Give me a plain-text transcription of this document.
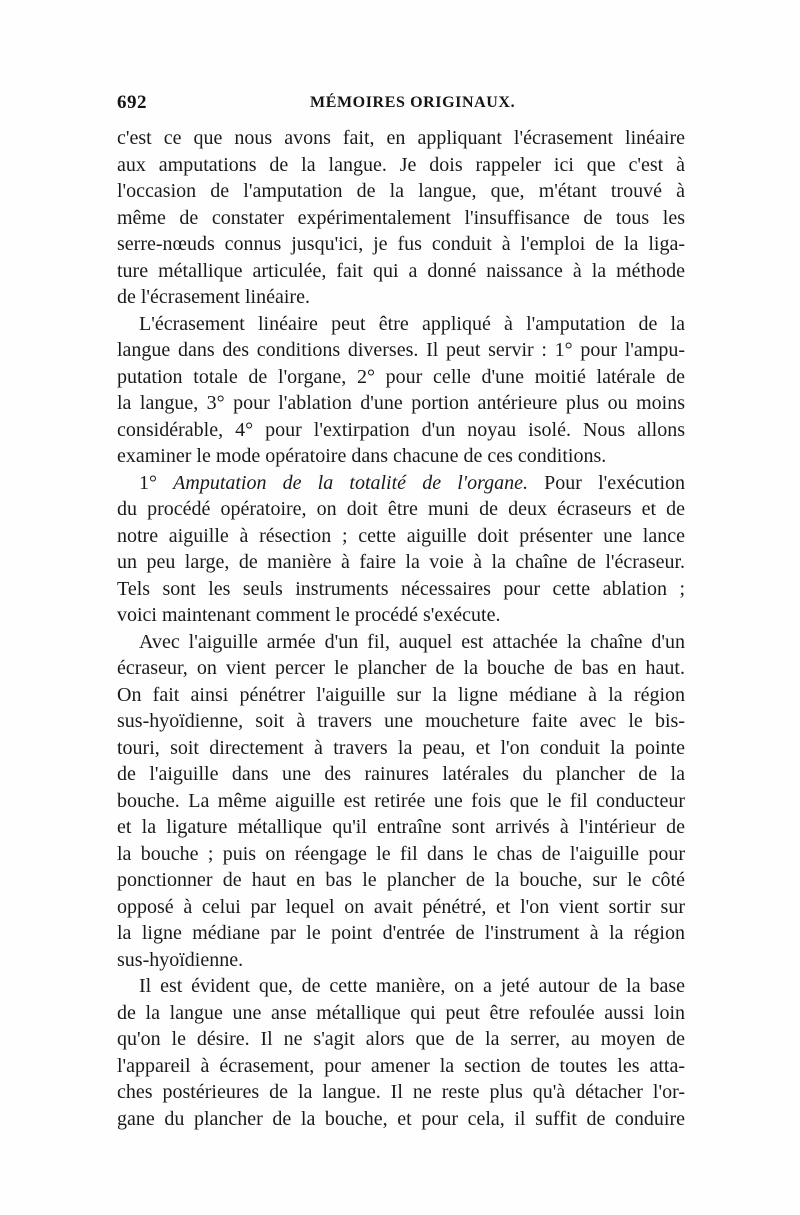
692	MÉMOIRES ORIGINAUX.
c'est ce que nous avons fait, en appliquant l'écrasement linéaire
aux amputations de la langue. Je dois rappeler ici que c'est à
l'occasion de l'amputation de la langue, que, m'étant trouvé à
même de constater expérimentalement l'insuffisance de tous les
serre-nœuds connus jusqu'ici, je fus conduit à l'emploi de la liga-
ture métallique articulée, fait qui a donné naissance à la méthode
de l'écrasement linéaire.
L'écrasement linéaire peut être appliqué à l'amputation de la
langue dans des conditions diverses. Il peut servir : 1° pour l'ampu-
putation totale de l'organe, 2° pour celle d'une moitié latérale de
la langue, 3° pour l'ablation d'une portion antérieure plus ou moins
considérable, 4° pour l'extirpation d'un noyau isolé. Nous allons
examiner le mode opératoire dans chacune de ces conditions.
1° Amputation de la totalité de l'organe. Pour l'exécution
du procédé opératoire, on doit être muni de deux écraseurs et de
notre aiguille à résection ; cette aiguille doit présenter une lance
un peu large, de manière à faire la voie à la chaîne de l'écraseur.
Tels sont les seuls instruments nécessaires pour cette ablation ;
voici maintenant comment le procédé s'exécute.
Avec l'aiguille armée d'un fil, auquel est attachée la chaîne d'un
écraseur, on vient percer le plancher de la bouche de bas en haut.
On fait ainsi pénétrer l'aiguille sur la ligne médiane à la région
sus-hyoïdienne, soit à travers une moucheture faite avec le bis-
touri, soit directement à travers la peau, et l'on conduit la pointe
de l'aiguille dans une des rainures latérales du plancher de la
bouche. La même aiguille est retirée une fois que le fil conducteur
et la ligature métallique qu'il entraîne sont arrivés à l'intérieur de
la bouche ; puis on réengage le fil dans le chas de l'aiguille pour
ponctionner de haut en bas le plancher de la bouche, sur le côté
opposé à celui par lequel on avait pénétré, et l'on vient sortir sur
la ligne médiane par le point d'entrée de l'instrument à la région
sus-hyoïdienne.
Il est évident que, de cette manière, on a jeté autour de la base
de la langue une anse métallique qui peut être refoulée aussi loin
qu'on le désire. Il ne s'agit alors que de la serrer, au moyen de
l'appareil à écrasement, pour amener la section de toutes les atta-
ches postérieures de la langue. Il ne reste plus qu'à détacher l'or-
gane du plancher de la bouche, et pour cela, il suffit de conduire
